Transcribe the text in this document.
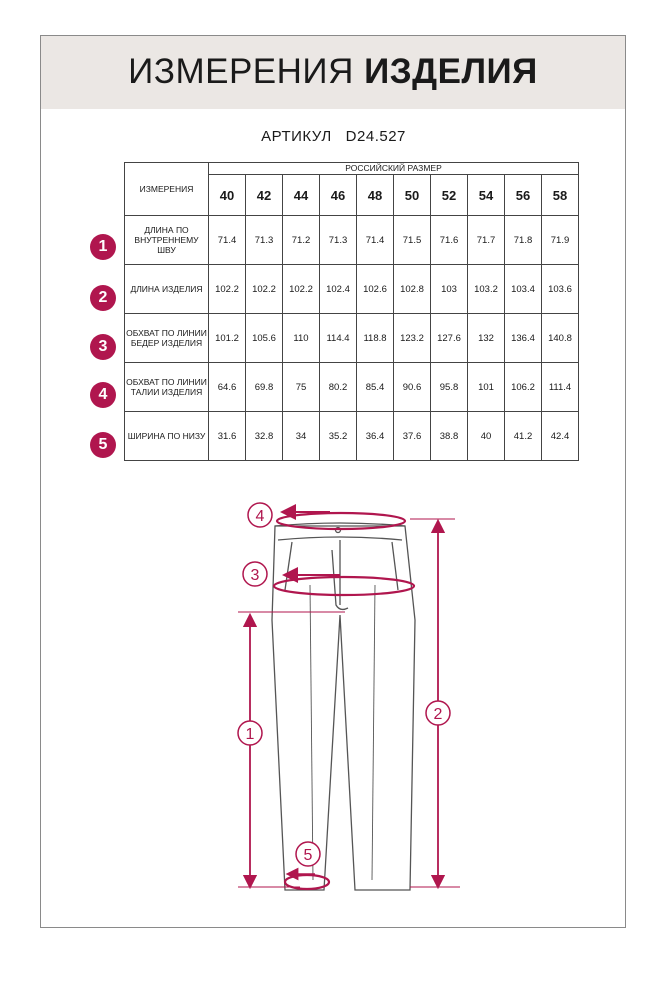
ИЗМЕРЕНИЯ ИЗДЕЛИЯ
АРТИКУЛ D24.527
ИЗМЕРЕНИЯ	РОССИЙСКИЙ РАЗМЕР									
	40	42	44	46	48	50	52	54	56	58
ДЛИНА ПО ВНУТРЕННЕМУ ШВУ	71.4	71.3	71.2	71.3	71.4	71.5	71.6	71.7	71.8	71.9
ДЛИНА ИЗДЕЛИЯ	102.2	102.2	102.2	102.4	102.6	102.8	103	103.2	103.4	103.6
ОБХВАТ ПО ЛИНИИ БЕДЕР ИЗДЕЛИЯ	101.2	105.6	110	114.4	118.8	123.2	127.6	132	136.4	140.8
ОБХВАТ ПО ЛИНИИ ТАЛИИ ИЗДЕЛИЯ	64.6	69.8	75	80.2	85.4	90.6	95.8	101	106.2	111.4
ШИРИНА ПО НИЗУ	31.6	32.8	34	35.2	36.4	37.6	38.8	40	41.2	42.4
1
2
3
4
5
4
3
1
2
5
